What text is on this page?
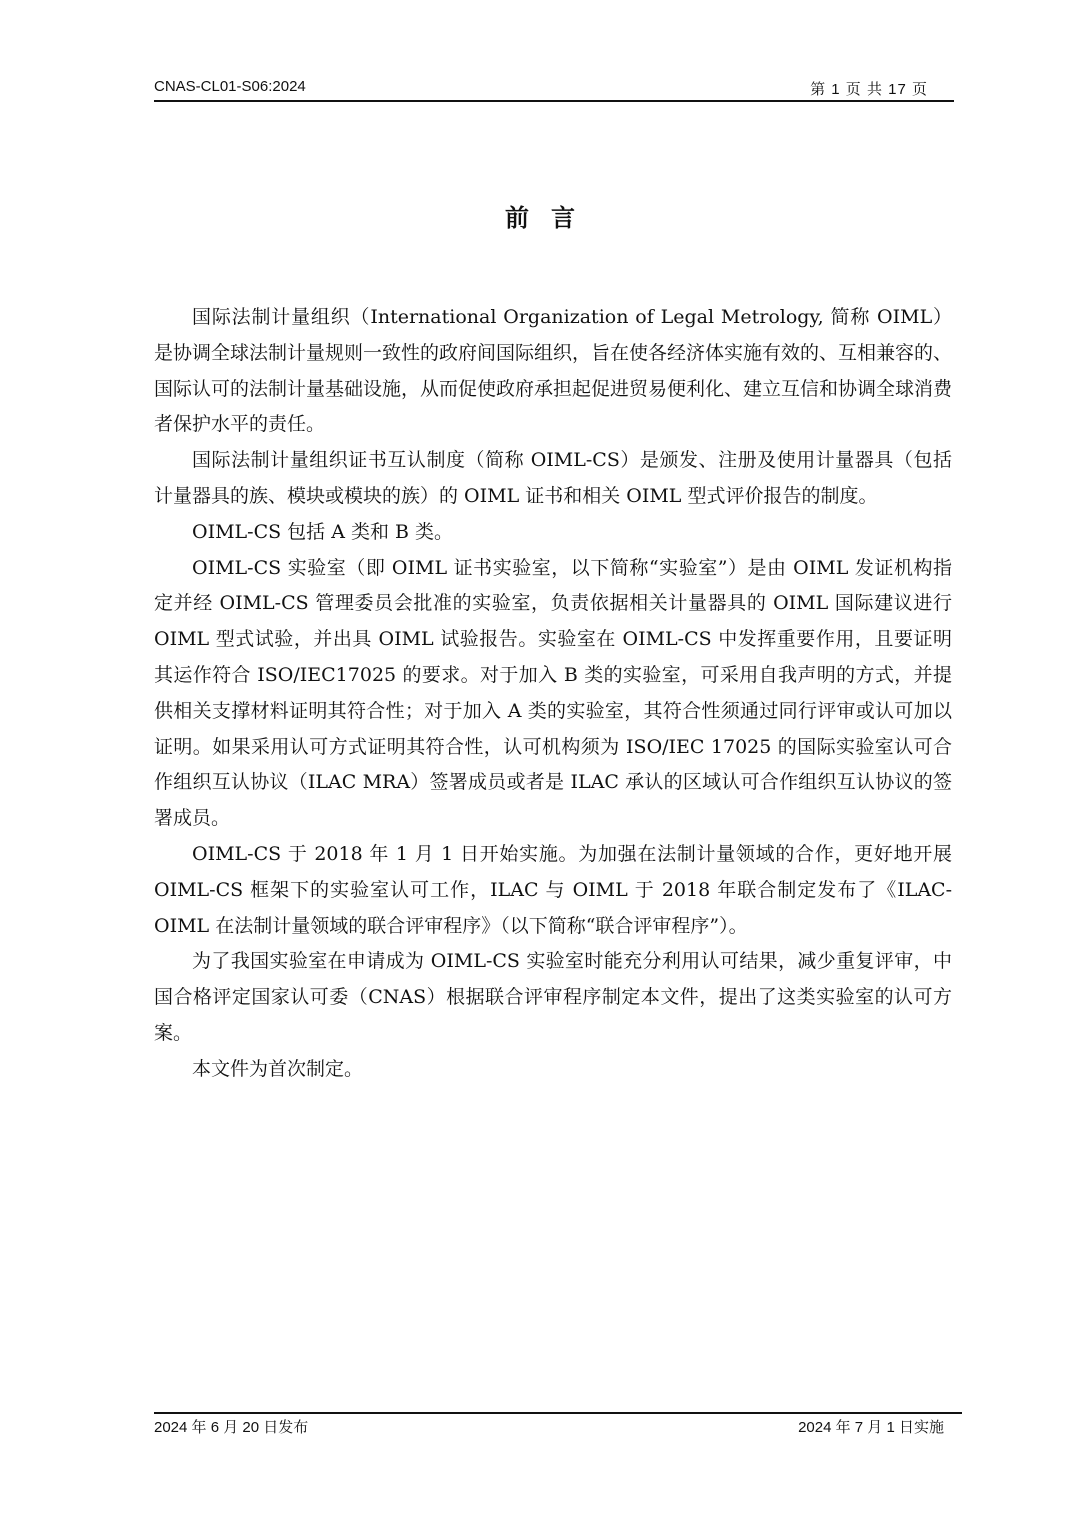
CNAS-CL01-S06:2024	第 1 页 共 17 页
前言

国际法制计量组织（International Organization of Legal Metrology, 简称 OIML）是协调全球法制计量规则一致性的政府间国际组织，旨在使各经济体实施有效的、互相兼容的、国际认可的法制计量基础设施，从而促使政府承担起促进贸易便利化、建立互信和协调全球消费者保护水平的责任。

国际法制计量组织证书互认制度（简称 OIML-CS）是颁发、注册及使用计量器具（包括计量器具的族、模块或模块的族）的 OIML 证书和相关 OIML 型式评价报告的制度。

OIML-CS 包括 A 类和 B 类。

OIML-CS 实验室（即 OIML 证书实验室，以下简称“实验室”）是由 OIML 发证机构指定并经 OIML-CS 管理委员会批准的实验室，负责依据相关计量器具的 OIML 国际建议进行 OIML 型式试验，并出具 OIML 试验报告。实验室在 OIML-CS 中发挥重要作用，且要证明其运作符合 ISO/IEC17025 的要求。对于加入 B 类的实验室，可采用自我声明的方式，并提供相关支撑材料证明其符合性；对于加入 A 类的实验室，其符合性须通过同行评审或认可加以证明。如果采用认可方式证明其符合性，认可机构须为 ISO/IEC 17025 的国际实验室认可合作组织互认协议（ILAC MRA）签署成员或者是 ILAC 承认的区域认可合作组织互认协议的签署成员。

OIML-CS 于 2018 年 1 月 1 日开始实施。为加强在法制计量领域的合作，更好地开展 OIML-CS 框架下的实验室认可工作，ILAC 与 OIML 于 2018 年联合制定发布了《ILAC-OIML 在法制计量领域的联合评审程序》（以下简称“联合评审程序”）。

为了我国实验室在申请成为 OIML-CS 实验室时能充分利用认可结果，减少重复评审，中国合格评定国家认可委（CNAS）根据联合评审程序制定本文件，提出了这类实验室的认可方案。

本文件为首次制定。

2024 年 6 月 20 日发布	2024 年 7 月 1 日实施
